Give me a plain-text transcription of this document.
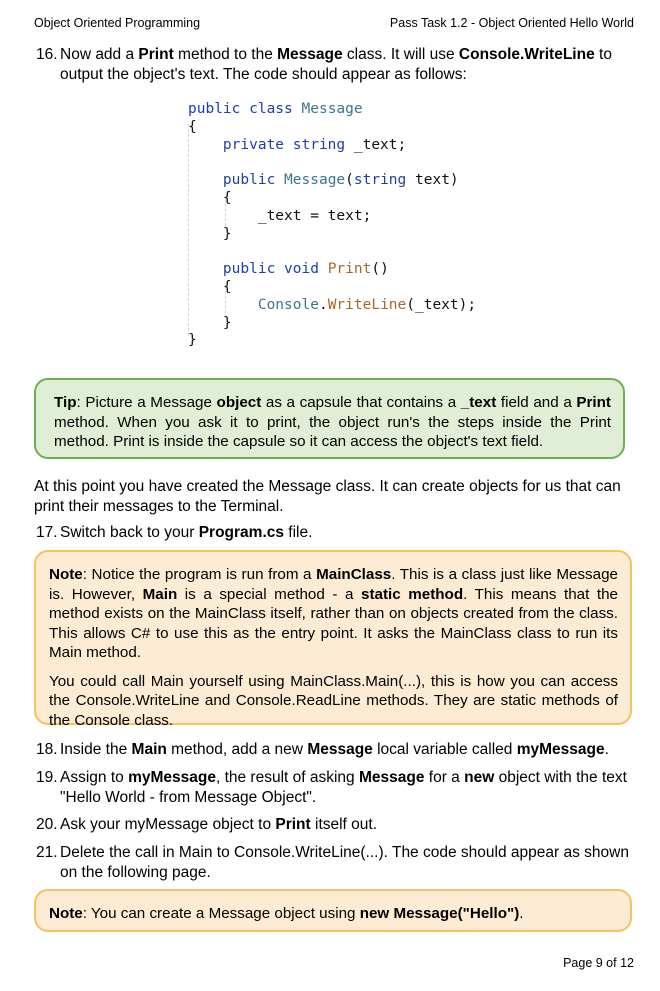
Object Oriented Programming	Pass Task 1.2 - Object Oriented Hello World
16. Now add a Print method to the Message class. It will use Console.WriteLine to output the object's text. The code should appear as follows:
public class Message
{
private string _text;

public Message(string text)
{
_text = text;
}

public void Print()
{
Console.WriteLine(_text);
}
}
Tip: Picture a Message object as a capsule that contains a _text field and a Print method. When you ask it to print, the object run's the steps inside the Print method. Print is inside the capsule so it can access the object's text field.
At this point you have created the Message class. It can create objects for us that can print their messages to the Terminal.
17. Switch back to your Program.cs file.

Note: Notice the program is run from a MainClass. This is a class just like Message is. However, Main is a special method - a static method. This means that the method exists on the MainClass itself, rather than on objects created from the class. This allows C# to use this as the entry point. It asks the MainClass class to run its Main method.

You could call Main yourself using MainClass.Main(...), this is how you can access the Console.WriteLine and Console.ReadLine methods. They are static methods of the Console class.

18. Inside the Main method, add a new Message local variable called myMessage.
19. Assign to myMessage, the result of asking Message for a new object with the text "Hello World - from Message Object".
20. Ask your myMessage object to Print itself out.
21. Delete the call in Main to Console.WriteLine(...). The code should appear as shown on the following page.

Note: You can create a Message object using new Message("Hello").

Page 9 of 12
